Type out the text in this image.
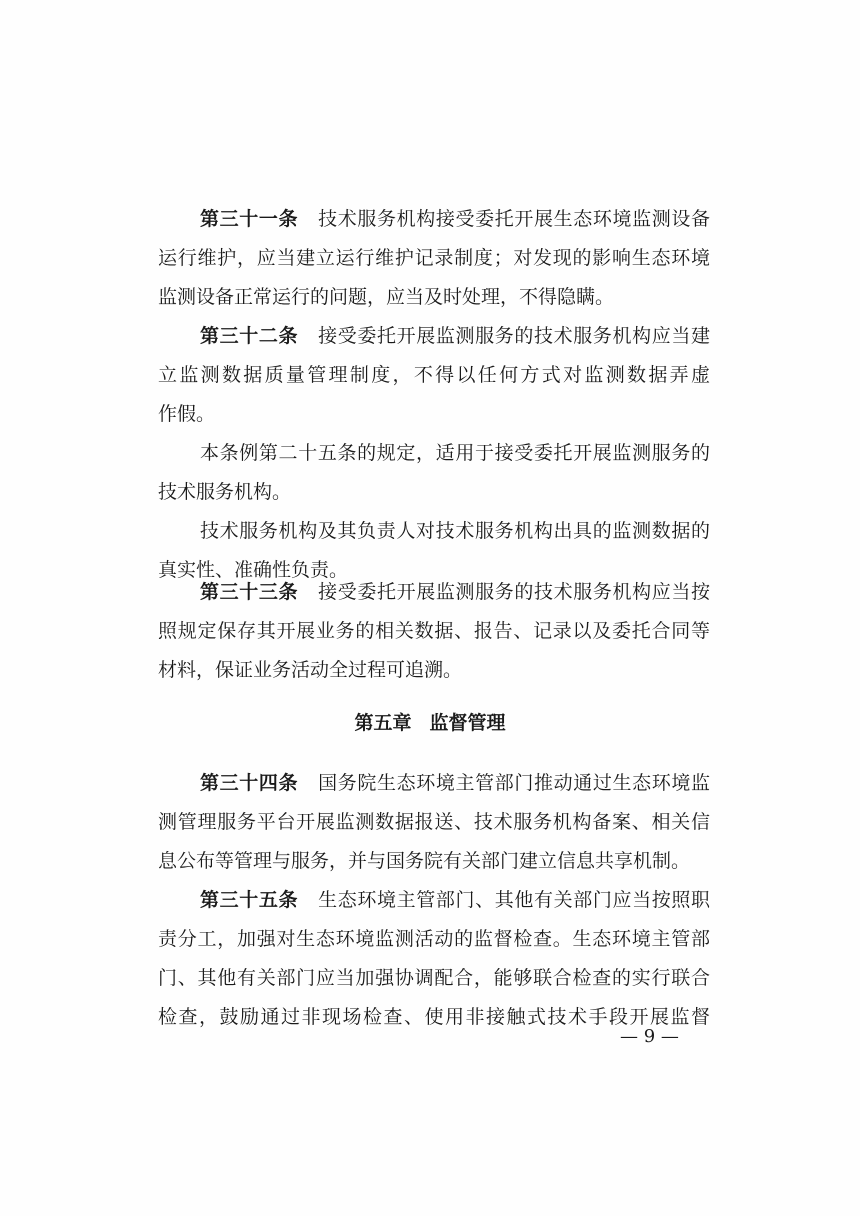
第三十一条 技术服务机构接受委托开展生态环境监测设备
运行维护，应当建立运行维护记录制度；对发现的影响生态环境
监测设备正常运行的问题，应当及时处理，不得隐瞒。
第三十二条 接受委托开展监测服务的技术服务机构应当建
立监测数据质量管理制度，不得以任何方式对监测数据弄虚
作假。
本条例第二十五条的规定，适用于接受委托开展监测服务的
技术服务机构。
技术服务机构及其负责人对技术服务机构出具的监测数据的
真实性、准确性负责。
第三十三条 接受委托开展监测服务的技术服务机构应当按
照规定保存其开展业务的相关数据、报告、记录以及委托合同等
材料，保证业务活动全过程可追溯。
第五章 监督管理
第三十四条 国务院生态环境主管部门推动通过生态环境监
测管理服务平台开展监测数据报送、技术服务机构备案、相关信
息公布等管理与服务，并与国务院有关部门建立信息共享机制。
第三十五条 生态环境主管部门、其他有关部门应当按照职
责分工，加强对生态环境监测活动的监督检查。生态环境主管部
门、其他有关部门应当加强协调配合，能够联合检查的实行联合
检查，鼓励通过非现场检查、使用非接触式技术手段开展监督
— 9 —
